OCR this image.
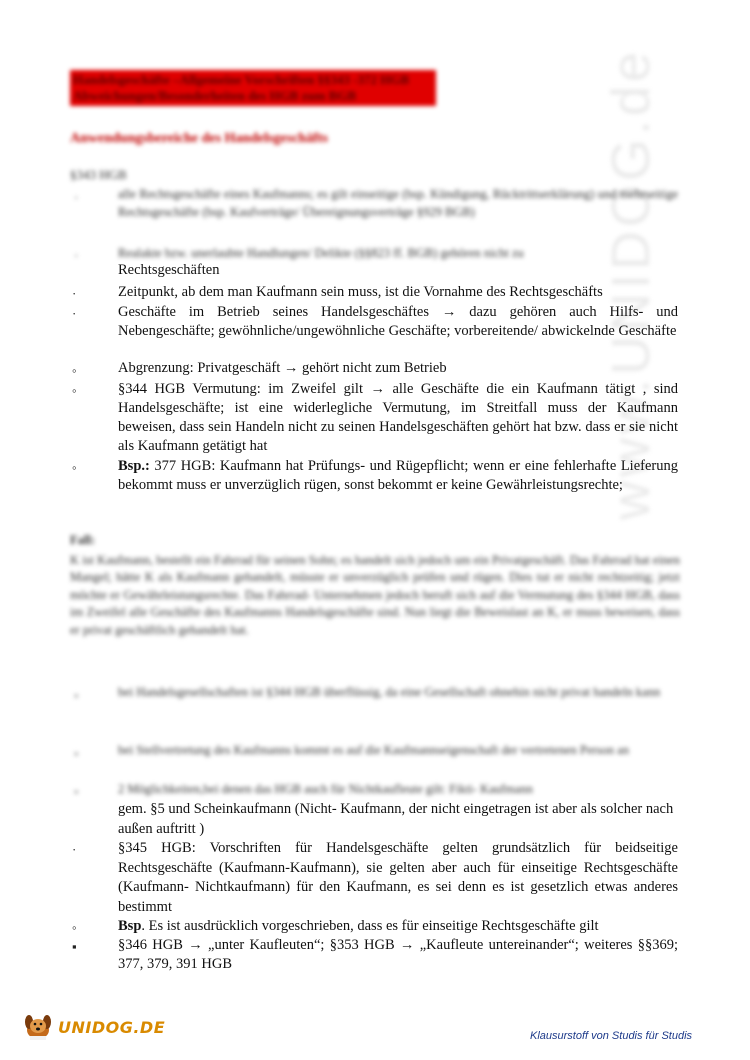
www.UNIDOG.de
Handelsgeschäfte –Allgemeine Vorschriften §§343 -372 HGB
Abweichungen/Besonderheiten des HGB zum BGB
Anwendungsbereiche des Handelsgeschäfts
§343 HGB
·	alle Rechtsgeschäfte eines Kaufmanns; es gilt einseitige (bsp. Kündigung, Rücktrittserklärung) und mehrseitige Rechtsgeschäfte (bsp. Kaufverträge/ Übereignungsverträge §929 BGB)
·	Realakte bzw. unerlaubte Handlungen/ Delikte (§§823 ff. BGB) gehören nicht zu
Rechtsgeschäften
·	Zeitpunkt, ab dem man Kaufmann sein muss, ist die Vornahme des Rechtsgeschäfts
·	Geschäfte im Betrieb seines Handelsgeschäftes → dazu gehören auch Hilfs- und Nebengeschäfte; gewöhnliche/ungewöhnliche Geschäfte; vorbereitende/ abwickelnde Geschäfte
◦	Abgrenzung: Privatgeschäft → gehört nicht zum Betrieb
◦	§344 HGB Vermutung: im Zweifel gilt → alle Geschäfte die ein Kaufmann tätigt , sind Handelsgeschäfte; ist eine widerlegliche Vermutung, im Streitfall muss der Kaufmann beweisen, dass sein Handeln nicht zu seinen Handelsgeschäften gehört hat bzw. dass er sie nicht als Kaufmann getätigt hat
◦	Bsp.: 377 HGB: Kaufmann hat Prüfungs- und Rügepflicht; wenn er eine fehlerhafte Lieferung bekommt muss er unverzüglich rügen, sonst bekommt er keine Gewährleistungsrechte;
Fall:
K ist Kaufmann, bestellt ein Fahrrad für seinen Sohn; es handelt sich jedoch um ein Privatgeschäft. Das Fahrrad hat einen Mangel; hätte K als Kaufmann gehandelt, müsste er unverzüglich prüfen und rügen. Dies tut er nicht rechtzeitig; jetzt möchte er Gewährleistungsrechte. Das Fahrrad- Unternehmen jedoch beruft sich auf die Vermutung des §344 HGB, dass im Zweifel alle Geschäfte des Kaufmanns Handelsgeschäfte sind. Nun liegt die Beweislast an K, er muss beweisen, dass er privat geschäftlich gehandelt hat.
◦	bei Handelsgesellschaften ist §344 HGB überflüssig, da eine Gesellschaft ohnehin nicht privat handeln kann
◦	bei Stellvertretung des Kaufmanns kommt es auf die Kaufmannseigenschaft der vertretenen Person an
◦	2 Möglichkeiten,bei denen das HGB auch für Nichtkaufleute gilt: Fikti- Kaufmann
gem. §5 und Scheinkaufmann (Nicht- Kaufmann, der nicht eingetragen ist aber als solcher nach außen auftritt )
·	§345 HGB: Vorschriften für Handelsgeschäfte gelten grundsätzlich für beidseitige Rechtsgeschäfte (Kaufmann-Kaufmann), sie gelten aber auch für einseitige Rechtsgeschäfte (Kaufmann- Nichtkaufmann) für den Kaufmann, es sei denn es ist gesetzlich etwas anderes bestimmt
◦	Bsp. Es ist ausdrücklich vorgeschrieben, dass es für einseitige Rechtsgeschäfte gilt
▪	§346 HGB → „unter Kaufleuten“; §353 HGB → „Kaufleute untereinander“; weiteres §§369; 377, 379, 391 HGB
UNIDOG.DE	Klausurstoff von Studis für Studis
